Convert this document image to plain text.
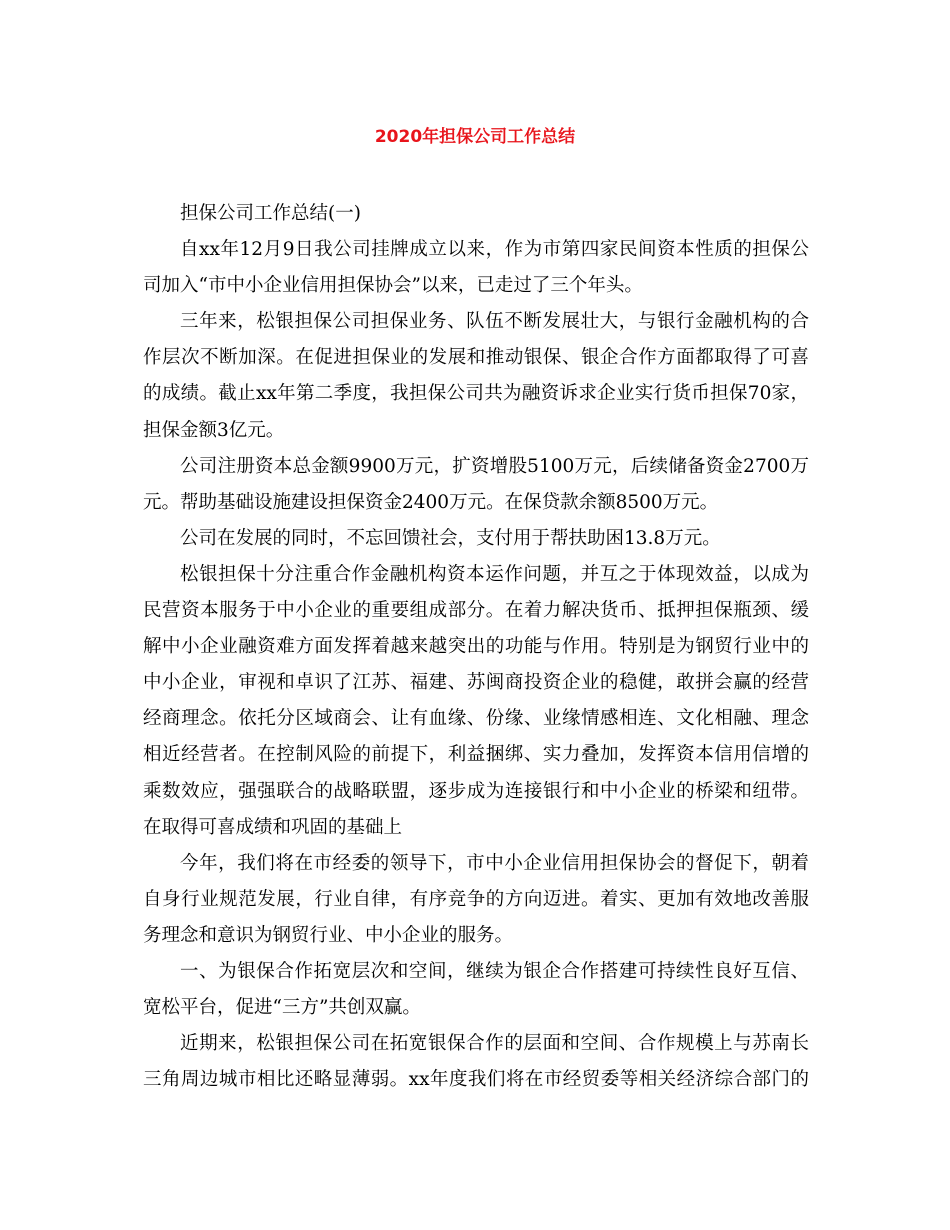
2020年担保公司工作总结
担保公司工作总结(一)
自xx年12月9日我公司挂牌成立以来，作为市第四家民间资本性质的担保公
司加入“市中小企业信用担保协会”以来，已走过了三个年头。
三年来，松银担保公司担保业务、队伍不断发展壮大，与银行金融机构的合
作层次不断加深。在促进担保业的发展和推动银保、银企合作方面都取得了可喜
的成绩。截止xx年第二季度，我担保公司共为融资诉求企业实行货币担保70家，
担保金额3亿元。
公司注册资本总金额9900万元，扩资增股5100万元，后续储备资金2700万
元。帮助基础设施建设担保资金2400万元。在保贷款余额8500万元。
公司在发展的同时，不忘回馈社会，支付用于帮扶助困13.8万元。
松银担保十分注重合作金融机构资本运作问题，并互之于体现效益，以成为
民营资本服务于中小企业的重要组成部分。在着力解决货币、抵押担保瓶颈、缓
解中小企业融资难方面发挥着越来越突出的功能与作用。特别是为钢贸行业中的
中小企业，审视和卓识了江苏、福建、苏闽商投资企业的稳健，敢拼会赢的经营
经商理念。依托分区域商会、让有血缘、份缘、业缘情感相连、文化相融、理念
相近经营者。在控制风险的前提下，利益捆绑、实力叠加，发挥资本信用信增的
乘数效应，强强联合的战略联盟，逐步成为连接银行和中小企业的桥梁和纽带。
在取得可喜成绩和巩固的基础上
今年，我们将在市经委的领导下，市中小企业信用担保协会的督促下，朝着
自身行业规范发展，行业自律，有序竞争的方向迈进。着实、更加有效地改善服
务理念和意识为钢贸行业、中小企业的服务。
一、为银保合作拓宽层次和空间，继续为银企合作搭建可持续性良好互信、
宽松平台，促进“三方”共创双赢。
近期来，松银担保公司在拓宽银保合作的层面和空间、合作规模上与苏南长
三角周边城市相比还略显薄弱。xx年度我们将在市经贸委等相关经济综合部门的
